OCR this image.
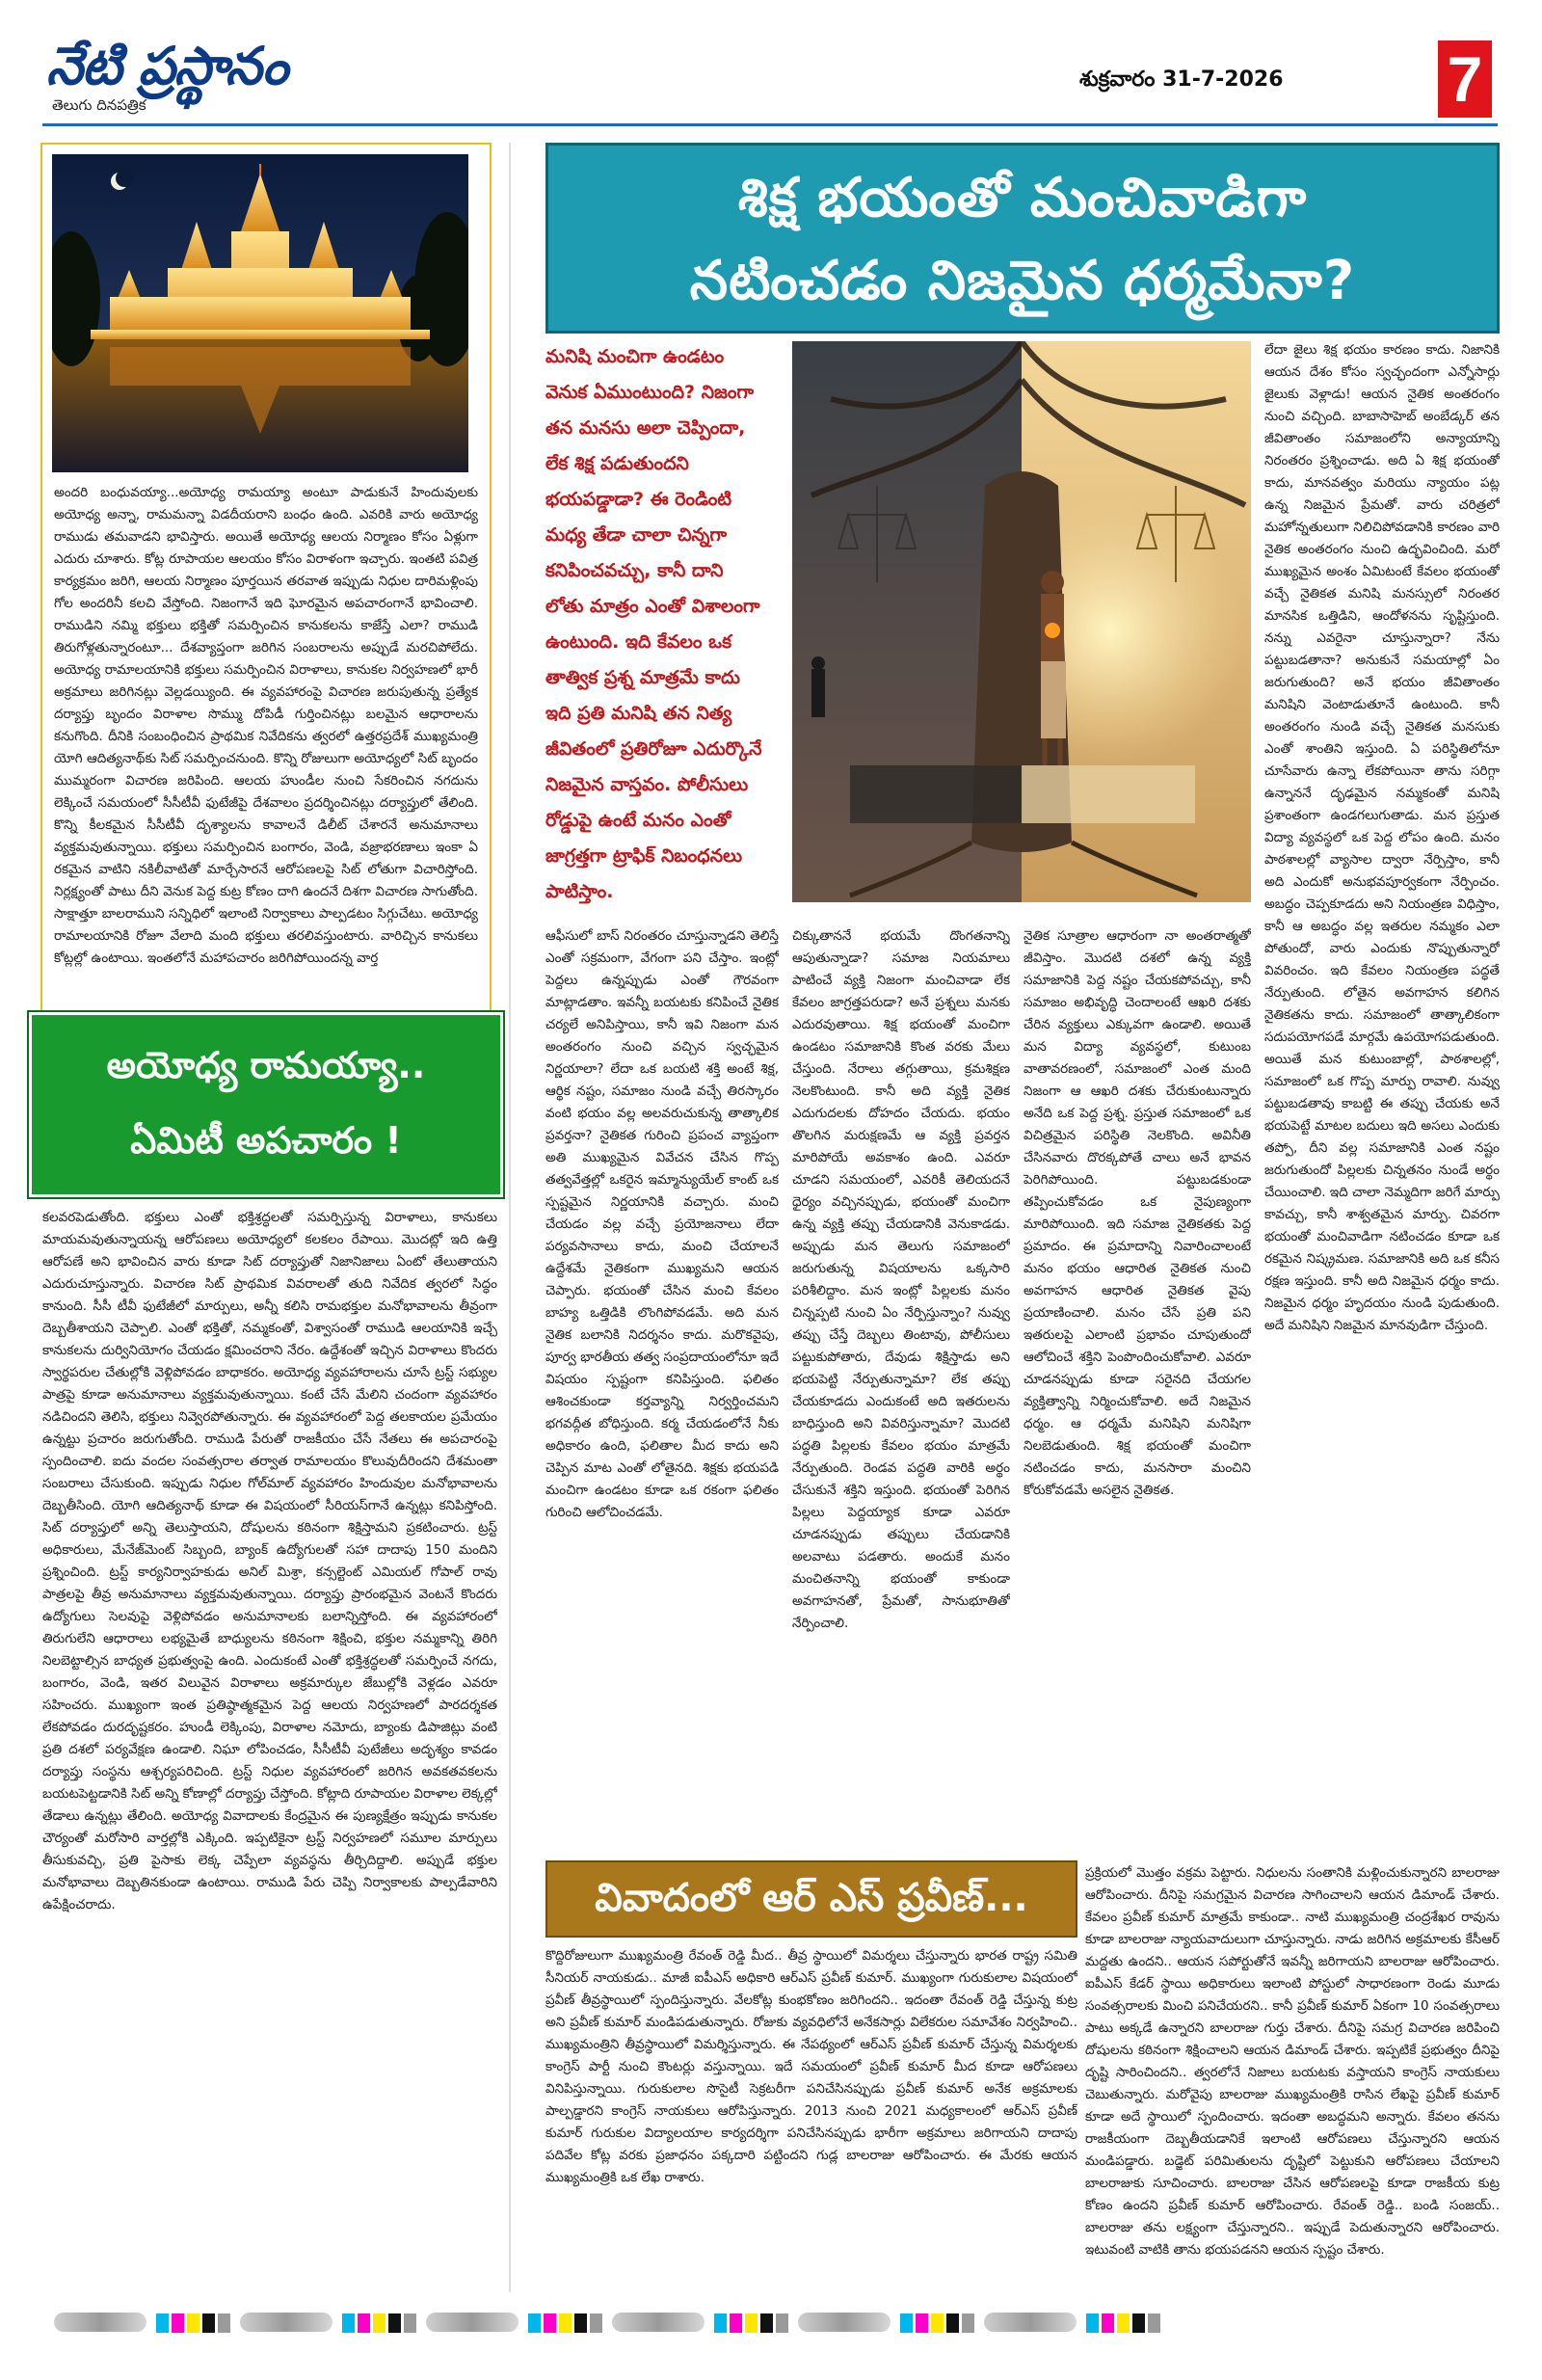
నేటి ప్రస్థానం
తెలుగు దినపత్రిక
శుక్రవారం 31-7-2026	7
అందరి బంధువయ్యా...అయోధ్య రామయ్యా అంటూ పాడుకునే హిందువులకు అయోధ్య అన్నా, రామమన్నా విడదీయరాని బంధం ఉంది. ఎవరికి వారు అయోధ్య రాముడు తమవాడని భావిస్తారు. అయితే అయోధ్య ఆలయ నిర్మాణం కోసం ఏళ్లుగా ఎదురు చూశారు. కోట్ల రూపాయల ఆలయం కోసం విరాళంగా ఇచ్చారు. ఇంతటి పవిత్ర కార్యక్రమం జరిగి, ఆలయ నిర్మాణం పూర్తయిన తరవాత ఇప్పుడు నిధుల దారిమళ్లింపు గోల అందరినీ కలచి వేస్తోంది. నిజంగానే ఇది ఘోరమైన అపచారంగానే భావించాలి. రాముడిని నమ్మి భక్తులు భక్తితో సమర్పించిన కానుకలను కాజేస్తే ఎలా? రాముడి తిరుగోళ్లతున్నారంటూ... దేశవ్యాప్తంగా జరిగిన సంబరాలను అప్పుడే మరచిపోలేదు. అయోధ్య రామాలయానికి భక్తులు సమర్పించిన విరాళాలు, కానుకల నిర్వహణలో భారీ అక్రమాలు జరిగినట్లు వెల్లడయ్యింది. ఈ వ్యవహారంపై విచారణ జరుపుతున్న ప్రత్యేక దర్యాప్తు బృందం విరాళాల సొమ్ము దోపిడీ గుర్తించినట్లు బలమైన ఆధారాలను కనుగొంది. దీనికి సంబంధించిన ప్రాథమిక నివేదికను త్వరలో ఉత్తరప్రదేశ్ ముఖ్యమంత్రి యోగి ఆదిత్యనాథ్‌కు సిట్ సమర్పించనుంది. కొన్ని రోజులుగా అయోధ్యలో సిట్ బృందం ముమ్మరంగా విచారణ జరిపింది. ఆలయ హుండీల నుంచి సేకరించిన నగదును లెక్కించే సమయంలో సీసీటీవీ ఫుటేజీపై దేశవాలం ప్రదర్శించినట్లు దర్యాప్తులో తేలింది. కొన్ని కీలకమైన సీసీటీవీ దృశ్యాలను కావాలనే డిలీట్ చేశారనే అనుమానాలు వ్యక్తమవుతున్నాయి. భక్తులు సమర్పించిన బంగారం, వెండి, వజ్రాభరణాలు ఇంకా ఏ రకమైన వాటిని నకిలీవాటితో మార్చేసారనే ఆరోపణలపై సిట్ లోతుగా విచారిస్తోంది. నిర్లక్ష్యంతో పాటు దీని వెనుక పెద్ద కుట్ర కోణం దాగి ఉందనే దిశగా విచారణ సాగుతోంది. సాక్షాత్తూ బాలరాముని సన్నిధిలో ఇలాంటి నిర్వాకాలు పాల్పడటం సిగ్గుచేటు. అయోధ్య రామాలయానికి రోజూ వేలాది మంది భక్తులు తరలివస్తుంటారు. వారిచ్చిన కానుకలు కోట్లల్లో ఉంటాయి. ఇంతలోనే మహాపచారం జరిగిపోయిందన్న వార్త
అయోధ్య రామయ్యా..
ఏమిటీ అపచారం !
కలవరపెడుతోంది. భక్తులు ఎంతో భక్తిశ్రద్ధలతో సమర్పిస్తున్న విరాళాలు, కానుకలు మాయమవుతున్నాయన్న ఆరోపణలు అయోధ్యలో కలకలం రేపాయి. మొదట్లో ఇది ఉత్తి ఆరోపణే అని భావించిన వారు కూడా సిట్ దర్యాప్తుతో నిజానిజాలు ఏంటో తేలుతాయని ఎదురుచూస్తున్నారు. విచారణ సిట్ ప్రాథమిక వివరాలతో తుది నివేదిక త్వరలో సిద్ధం కానుంది. సీసీ టీవీ ఫుటేజీలో మార్పులు, అన్నీ కలిసి రామభక్తుల మనోభావాలను తీవ్రంగా దెబ్బతీశాయని చెప్పాలి. ఎంతో భక్తితో, నమ్మకంతో, విశ్వాసంతో రాముడి ఆలయానికి ఇచ్చే కానుకలను దుర్వినియోగం చేయడం క్షమించరాని నేరం. ఉద్దేశంతో ఇచ్చిన విరాళాలు కొందరు స్వార్థపరుల చేతుల్లోకి వెళ్లిపోవడం బాధాకరం. అయోధ్య వ్యవహారాలను చూసే ట్రస్ట్ సభ్యుల పాత్రపై కూడా అనుమానాలు వ్యక్తమవుతున్నాయి. కంటే చేసే మేలిని చందంగా వ్యవహారం నడిచిందని తెలిసి, భక్తులు నివ్వెరపోతున్నారు. ఈ వ్యవహారంలో పెద్ద తలకాయల ప్రమేయం ఉన్నట్టు ప్రచారం జరుగుతోంది. రాముడి పేరుతో రాజకీయం చేసే నేతలు ఈ అపచారంపై స్పందించాలి. ఐదు వందల సంవత్సరాల తర్వాత రామాలయం కొలువుదీరిందని దేశమంతా సంబరాలు చేసుకుంది. ఇప్పుడు నిధుల గోల్‌మాల్ వ్యవహారం హిందువుల మనోభావాలను దెబ్బతీసింది. యోగి ఆదిత్యనాథ్ కూడా ఈ విషయంలో సీరియస్‌గానే ఉన్నట్లు కనిపిస్తోంది. సిట్ దర్యాప్తులో అన్ని తెలుస్తాయని, దోషులను కఠినంగా శిక్షిస్తామని ప్రకటించారు. ట్రస్ట్ అధికారులు, మేనేజ్‌మెంట్ సిబ్బంది, బ్యాంక్ ఉద్యోగులతో సహా దాదాపు 150 మందిని ప్రశ్నించింది. ట్రస్ట్ కార్యనిర్వాహకుడు అనిల్ మిశ్రా, కన్సల్టెంట్ ఎమియల్ గోపాల్ రావు పాత్రలపై తీవ్ర అనుమానాలు వ్యక్తమవుతున్నాయి. దర్యాప్తు ప్రారంభమైన వెంటనే కొందరు ఉద్యోగులు సెలవుపై వెళ్లిపోవడం అనుమానాలకు బలాన్నిస్తోంది. ఈ వ్యవహారంలో తిరుగులేని ఆధారాలు లభ్యమైతే బాధ్యులను కఠినంగా శిక్షించి, భక్తుల నమ్మకాన్ని తిరిగి నిలబెట్టాల్సిన బాధ్యత ప్రభుత్వంపై ఉంది. ఎందుకంటే ఎంతో భక్తిశ్రద్ధలతో సమర్పించే నగదు, బంగారం, వెండి, ఇతర విలువైన విరాళాలు అక్రమార్కుల జేబుల్లోకి వెళ్లడం ఎవరూ సహించరు. ముఖ్యంగా ఇంత ప్రతిష్ఠాత్మకమైన పెద్ద ఆలయ నిర్వహణలో పారదర్శకత లేకపోవడం దురదృష్టకరం. హుండీ లెక్కింపు, విరాళాల నమోదు, బ్యాంకు డిపాజిట్లు వంటి ప్రతి దశలో పర్యవేక్షణ ఉండాలి. నిఘా లోపించడం, సీసీటీవీ పుటేజీలు అదృశ్యం కావడం దర్యాప్తు సంస్థను ఆశ్చర్యపరిచింది. ట్రస్ట్ నిధుల వ్యవహారంలో జరిగిన అవకతవకలను బయటపెట్టడానికి సిట్ అన్ని కోణాల్లో దర్యాప్తు చేస్తోంది. కోట్లాది రూపాయల విరాళాల లెక్కల్లో తేడాలు ఉన్నట్లు తేలింది. అయోధ్య వివాదాలకు కేంద్రమైన ఈ పుణ్యక్షేత్రం ఇప్పుడు కానుకల చౌర్యంతో మరోసారి వార్తల్లోకి ఎక్కింది. ఇప్పటికైనా ట్రస్ట్ నిర్వహణలో సమూల మార్పులు తీసుకువచ్చి, ప్రతి పైసాకు లెక్క చెప్పేలా వ్యవస్థను తీర్చిదిద్దాలి. అప్పుడే భక్తుల మనోభావాలు దెబ్బతినకుండా ఉంటాయి. రాముడి పేరు చెప్పి నిర్వాకాలకు పాల్పడేవారిని ఉపేక్షించరాదు.
శిక్ష భయంతో మంచివాడిగా
నటించడం నిజమైన ధర్మమేనా?
మనిషి మంచిగా ఉండటం వెనుక ఏముంటుంది? నిజంగా తన మనసు అలా చెప్పిందా, లేక శిక్ష పడుతుందని భయపడ్డాడా? ఈ రెండింటి మధ్య తేడా చాలా చిన్నగా కనిపించవచ్చు, కానీ దాని లోతు మాత్రం ఎంతో విశాలంగా ఉంటుంది. ఇది కేవలం ఒక తాత్విక ప్రశ్న మాత్రమే కాదు ఇది ప్రతి మనిషి తన నిత్య జీవితంలో ప్రతిరోజూ ఎదుర్కొనే నిజమైన వాస్తవం. పోలీసులు రోడ్డుపై ఉంటే మనం ఎంతో జాగ్రత్తగా ట్రాఫిక్ నిబంధనలు పాటిస్తాం.
ఆఫీసులో బాస్ నిరంతరం చూస్తున్నాడని తెలిస్తే ఎంతో సక్రమంగా, వేగంగా పని చేస్తాం. ఇంట్లో పెద్దలు ఉన్నప్పుడు ఎంతో గౌరవంగా మాట్లాడతాం. ఇవన్నీ బయటకు కనిపించే నైతిక చర్యలే అనిపిస్తాయి, కానీ ఇవి నిజంగా మన అంతరంగం నుంచి వచ్చిన స్వచ్ఛమైన నిర్ణయాలా? లేదా ఒక బయటి శక్తి అంటే శిక్ష, ఆర్థిక నష్టం, సమాజం నుండి వచ్చే తిరస్కారం వంటి భయం వల్ల అలవరుచుకున్న తాత్కాలిక ప్రవర్తనా? నైతికత గురించి ప్రపంచ వ్యాప్తంగా అతి ముఖ్యమైన వివేచన చేసిన గొప్ప తత్వవేత్తల్లో ఒకరైన ఇమ్మాన్యుయేల్ కాంట్ ఒక స్పష్టమైన నిర్ణయానికి వచ్చారు. మంచి చేయడం వల్ల వచ్చే ప్రయోజనాలు లేదా పర్యవసానాలు కాదు, మంచి చేయాలనే ఉద్దేశమే నైతికంగా ముఖ్యమని ఆయన చెప్పారు. భయంతో చేసిన మంచి కేవలం బాహ్య ఒత్తిడికి లొంగిపోవడమే. అది మన నైతిక బలానికి నిదర్శనం కాదు. మరొకవైపు, పూర్వ భారతీయ తత్వ సంప్రదాయంలోనూ ఇదే విషయం స్పష్టంగా కనిపిస్తుంది. ఫలితం ఆశించకుండా కర్తవ్యాన్ని నిర్వర్తించమని భగవద్గీత బోధిస్తుంది. కర్మ చేయడంలోనే నీకు అధికారం ఉంది, ఫలితాల మీద కాదు అని చెప్పిన మాట ఎంతో లోతైనది. శిక్షకు భయపడి మంచిగా ఉండటం కూడా ఒక రకంగా ఫలితం గురించి ఆలోచించడమే.
చిక్కుతాననే భయమే దొంగతనాన్ని ఆపుతున్నాడా? సమాజ నియమాలు పాటించే వ్యక్తి నిజంగా మంచివాడా లేక కేవలం జాగ్రత్తపరుడా? అనే ప్రశ్నలు మనకు ఎదురవుతాయి. శిక్ష భయంతో మంచిగా ఉండటం సమాజానికి కొంత వరకు మేలు చేస్తుంది. నేరాలు తగ్గుతాయి, క్రమశిక్షణ నెలకొంటుంది. కానీ అది వ్యక్తి నైతిక ఎదుగుదలకు దోహదం చేయదు. భయం తొలగిన మరుక్షణమే ఆ వ్యక్తి ప్రవర్తన మారిపోయే అవకాశం ఉంది. ఎవరూ చూడని సమయంలో, ఎవరికీ తెలియదనే ధైర్యం వచ్చినప్పుడు, భయంతో మంచిగా ఉన్న వ్యక్తి తప్పు చేయడానికి వెనుకాడడు. అప్పుడు మన తెలుగు సమాజంలో జరుగుతున్న విషయాలను ఒక్కసారి పరిశీలిద్దాం. మన ఇంట్లో పిల్లలకు మనం చిన్నప్పటి నుంచి ఏం నేర్పిస్తున్నాం? నువ్వు తప్పు చేస్తే దెబ్బలు తింటావు, పోలీసులు పట్టుకుపోతారు, దేవుడు శిక్షిస్తాడు అని భయపెట్టి నేర్పుతున్నామా? లేక తప్పు చేయకూడదు ఎందుకంటే అది ఇతరులను బాధిస్తుంది అని వివరిస్తున్నామా? మొదటి పద్ధతి పిల్లలకు కేవలం భయం మాత్రమే నేర్పుతుంది. రెండవ పద్ధతి వారికి అర్థం చేసుకునే శక్తిని ఇస్తుంది. భయంతో పెరిగిన పిల్లలు పెద్దయ్యాక కూడా ఎవరూ చూడనప్పుడు తప్పులు చేయడానికి అలవాటు పడతారు. అందుకే మనం మంచితనాన్ని భయంతో కాకుండా అవగాహనతో, ప్రేమతో, సానుభూతితో నేర్పించాలి.
నైతిక సూత్రాల ఆధారంగా నా అంతరాత్మతో జీవిస్తాం. మొదటి దశలో ఉన్న వ్యక్తి సమాజానికి పెద్ద నష్టం చేయకపోవచ్చు, కానీ సమాజం అభివృద్ధి చెందాలంటే ఆఖరి దశకు చేరిన వ్యక్తులు ఎక్కువగా ఉండాలి. అయితే మన విద్యా వ్యవస్థలో, కుటుంబ వాతావరణంలో, సమాజంలో ఎంత మంది నిజంగా ఆ ఆఖరి దశకు చేరుకుంటున్నారు అనేది ఒక పెద్ద ప్రశ్న. ప్రస్తుత సమాజంలో ఒక విచిత్రమైన పరిస్థితి నెలకొంది. అవినీతి చేసినవారు దొరక్కపోతే చాలు అనే భావన పెరిగిపోయింది. పట్టుబడకుండా తప్పించుకోవడం ఒక నైపుణ్యంగా మారిపోయింది. ఇది సమాజ నైతికతకు పెద్ద ప్రమాదం. ఈ ప్రమాదాన్ని నివారించాలంటే మనం భయం ఆధారిత నైతికత నుంచి అవగాహన ఆధారిత నైతికత వైపు ప్రయాణించాలి. మనం చేసే ప్రతి పని ఇతరులపై ఎలాంటి ప్రభావం చూపుతుందో ఆలోచించే శక్తిని పెంపొందించుకోవాలి. ఎవరూ చూడనప్పుడు కూడా సరైనది చేయగల వ్యక్తిత్వాన్ని నిర్మించుకోవాలి. అదే నిజమైన ధర్మం. ఆ ధర్మమే మనిషిని మనిషిగా నిలబెడుతుంది. శిక్ష భయంతో మంచిగా నటించడం కాదు, మనసారా మంచిని కోరుకోవడమే అసలైన నైతికత.
లేదా జైలు శిక్ష భయం కారణం కాదు. నిజానికి ఆయన దేశం కోసం స్వచ్ఛందంగా ఎన్నోసార్లు జైలుకు వెళ్లాడు! ఆయన నైతిక అంతరంగం నుంచి వచ్చింది. బాబాసాహెబ్ అంబేడ్కర్ తన జీవితాంతం సమాజంలోని అన్యాయాన్ని నిరంతరం ప్రశ్నించాడు. అది ఏ శిక్ష భయంతో కాదు, మానవత్వం మరియు న్యాయం పట్ల ఉన్న నిజమైన ప్రేమతో. వారు చరిత్రలో మహోన్నతులుగా నిలిచిపోవడానికి కారణం వారి నైతిక అంతరంగం నుంచి ఉద్భవించింది. మరో ముఖ్యమైన అంశం ఏమిటంటే కేవలం భయంతో వచ్చే నైతికత మనిషి మనస్సులో నిరంతర మానసిక ఒత్తిడిని, ఆందోళనను సృష్టిస్తుంది. నన్ను ఎవరైనా చూస్తున్నారా? నేను పట్టుబడతానా? అనుకునే సమయాల్లో ఏం జరుగుతుంది? అనే భయం జీవితాంతం మనిషిని వెంటాడుతూనే ఉంటుంది. కానీ అంతరంగం నుండి వచ్చే నైతికత మనసుకు ఎంతో శాంతిని ఇస్తుంది. ఏ పరిస్థితిలోనూ చూసేవారు ఉన్నా లేకపోయినా తాను సరిగ్గా ఉన్నాననే దృఢమైన నమ్మకంతో మనిషి ప్రశాంతంగా ఉండగలుగుతాడు. మన ప్రస్తుత విద్యా వ్యవస్థలో ఒక పెద్ద లోపం ఉంది. మనం పాఠశాలల్లో వ్యాసాల ద్వారా నేర్పిస్తాం, కానీ అది ఎందుకో అనుభవపూర్వకంగా నేర్పించం. అబద్ధం చెప్పకూడదు అని నియంత్రణ విధిస్తాం, కానీ ఆ అబద్ధం వల్ల ఇతరుల నమ్మకం ఎలా పోతుందో, వారు ఎందుకు నొప్పుతున్నారో వివరించం. ఇది కేవలం నియంత్రణ పద్ధతే నేర్పుతుంది. లోతైన అవగాహన కలిగిన నైతికతను కాదు. సమాజంలో తాత్కాలికంగా సదుపయోగపడే మార్గమే ఉపయోగపడుతుంది. అయితే మన కుటుంబాల్లో, పాఠశాలల్లో, సమాజంలో ఒక గొప్ప మార్పు రావాలి. నువ్వు పట్టుబడతావు కాబట్టి ఈ తప్పు చేయకు అనే భయపెట్టే మాటల బదులు ఇది అసలు ఎందుకు తప్పో, దీని వల్ల సమాజానికి ఎంత నష్టం జరుగుతుందో పిల్లలకు చిన్నతనం నుండే అర్థం చేయించాలి. ఇది చాలా నెమ్మదిగా జరిగే మార్పు కావచ్చు, కానీ శాశ్వతమైన మార్పు. చివరగా భయంతో మంచివాడిగా నటించడం కూడా ఒక రకమైన నిష్క్రమణ. సమాజానికి అది ఒక కనీస రక్షణ ఇస్తుంది. కానీ అది నిజమైన ధర్మం కాదు. నిజమైన ధర్మం హృదయం నుండి పుడుతుంది. అదే మనిషిని నిజమైన మానవుడిగా చేస్తుంది.
వివాదంలో ఆర్ ఎస్ ప్రవీణ్...
కొద్దిరోజులుగా ముఖ్యమంత్రి రేవంత్ రెడ్డి మీద.. తీవ్ర స్థాయిలో విమర్శలు చేస్తున్నారు భారత రాష్ట్ర సమితి సీనియర్ నాయకుడు.. మాజీ ఐపీఎస్ అధికారి ఆర్ఎస్ ప్రవీణ్ కుమార్. ముఖ్యంగా గురుకులాల విషయంలో ప్రవీణ్ తీవ్రస్థాయిలో స్పందిస్తున్నారు. వేలకోట్ల కుంభకోణం జరిగిందని.. ఇదంతా రేవంత్ రెడ్డి చేస్తున్న కుట్ర అని ప్రవీణ్ కుమార్ మండిపడుతున్నారు. రోజుకు వ్యవధిలోనే అనేకసార్లు విలేకరుల సమావేశం నిర్వహించి.. ముఖ్యమంత్రిని తీవ్రస్థాయిలో విమర్శిస్తున్నారు. ఈ నేపథ్యంలో ఆర్ఎస్ ప్రవీణ్ కుమార్ చేస్తున్న విమర్శలకు కాంగ్రెస్ పార్టీ నుంచి కౌంటర్లు వస్తున్నాయి. ఇదే సమయంలో ప్రవీణ్ కుమార్ మీద కూడా ఆరోపణలు వినిపిస్తున్నాయి. గురుకులాల సొసైటీ సెక్రటరీగా పనిచేసినప్పుడు ప్రవీణ్ కుమార్ అనేక అక్రమాలకు పాల్పడ్డారని కాంగ్రెస్ నాయకులు ఆరోపిస్తున్నారు. 2013 నుంచి 2021 మధ్యకాలంలో ఆర్ఎస్ ప్రవీణ్ కుమార్ గురుకుల విద్యాలయాల కార్యదర్శిగా పనిచేసినప్పుడు భారీగా అక్రమాలు జరిగాయని దాదాపు పదివేల కోట్ల వరకు ప్రజాధనం పక్కదారి పట్టిందని గుడ్ల బాలరాజు ఆరోపించారు. ఈ మేరకు ఆయన ముఖ్యమంత్రికి ఒక లేఖ రాశారు.
ప్రక్రియలో మొత్తం వక్రమ పెట్టారు. నిధులను సంతానికి మళ్లించుకున్నారని బాలరాజు ఆరోపించారు. దీనిపై సమగ్రమైన విచారణ సాగించాలని ఆయన డిమాండ్ చేశారు. కేవలం ప్రవీణ్ కుమార్ మాత్రమే కాకుండా.. నాటి ముఖ్యమంత్రి చంద్రశేఖర రావును కూడా బాలరాజు న్యాయవాదులుగా చూస్తున్నారు. నాడు జరిగిన అక్రమాలకు కేసీఆర్ మద్దతు ఉందని.. ఆయన సపోర్టుతోనే ఇవన్నీ జరిగాయని బాలరాజు ఆరోపించారు. ఐపీఎస్ కేడర్ స్థాయి అధికారులు ఇలాంటి పోస్టులో సాధారణంగా రెండు మూడు సంవత్సరాలకు మించి పనిచేయరని.. కానీ ప్రవీణ్ కుమార్ ఏకంగా 10 సంవత్సరాలు పాటు అక్కడే ఉన్నారని బాలరాజు గుర్తు చేశారు. దీనిపై సమగ్ర విచారణ జరిపించి దోషులను కఠినంగా శిక్షించాలని ఆయన డిమాండ్ చేశారు. ఇప్పటికే ప్రభుత్వం దీనిపై దృష్టి సారించిందని.. త్వరలోనే నిజాలు బయటకు వస్తాయని కాంగ్రెస్ నాయకులు చెబుతున్నారు. మరోవైపు బాలరాజు ముఖ్యమంత్రికి రాసిన లేఖపై ప్రవీణ్ కుమార్ కూడా అదే స్థాయిలో స్పందించారు. ఇదంతా అబద్ధమని అన్నారు. కేవలం తనను రాజకీయంగా దెబ్బతీయడానికే ఇలాంటి ఆరోపణలు చేస్తున్నారని ఆయన మండిపడ్డారు. బడ్జెట్ పరిమితులను దృష్టిలో పెట్టుకుని ఆరోపణలు చేయాలని బాలరాజుకు సూచించారు. బాలరాజు చేసిన ఆరోపణలపై కూడా రాజకీయ కుట్ర కోణం ఉందని ప్రవీణ్ కుమార్ ఆరోపించారు. రేవంత్ రెడ్డి.. బండి సంజయ్‌.. బాలరాజు తను లక్ష్యంగా చేస్తున్నారని.. ఇప్పుడే పెదుతున్నారని ఆరోపించారు. ఇటువంటి వాటికి తాను భయపడనని ఆయన స్పష్టం చేశారు.
